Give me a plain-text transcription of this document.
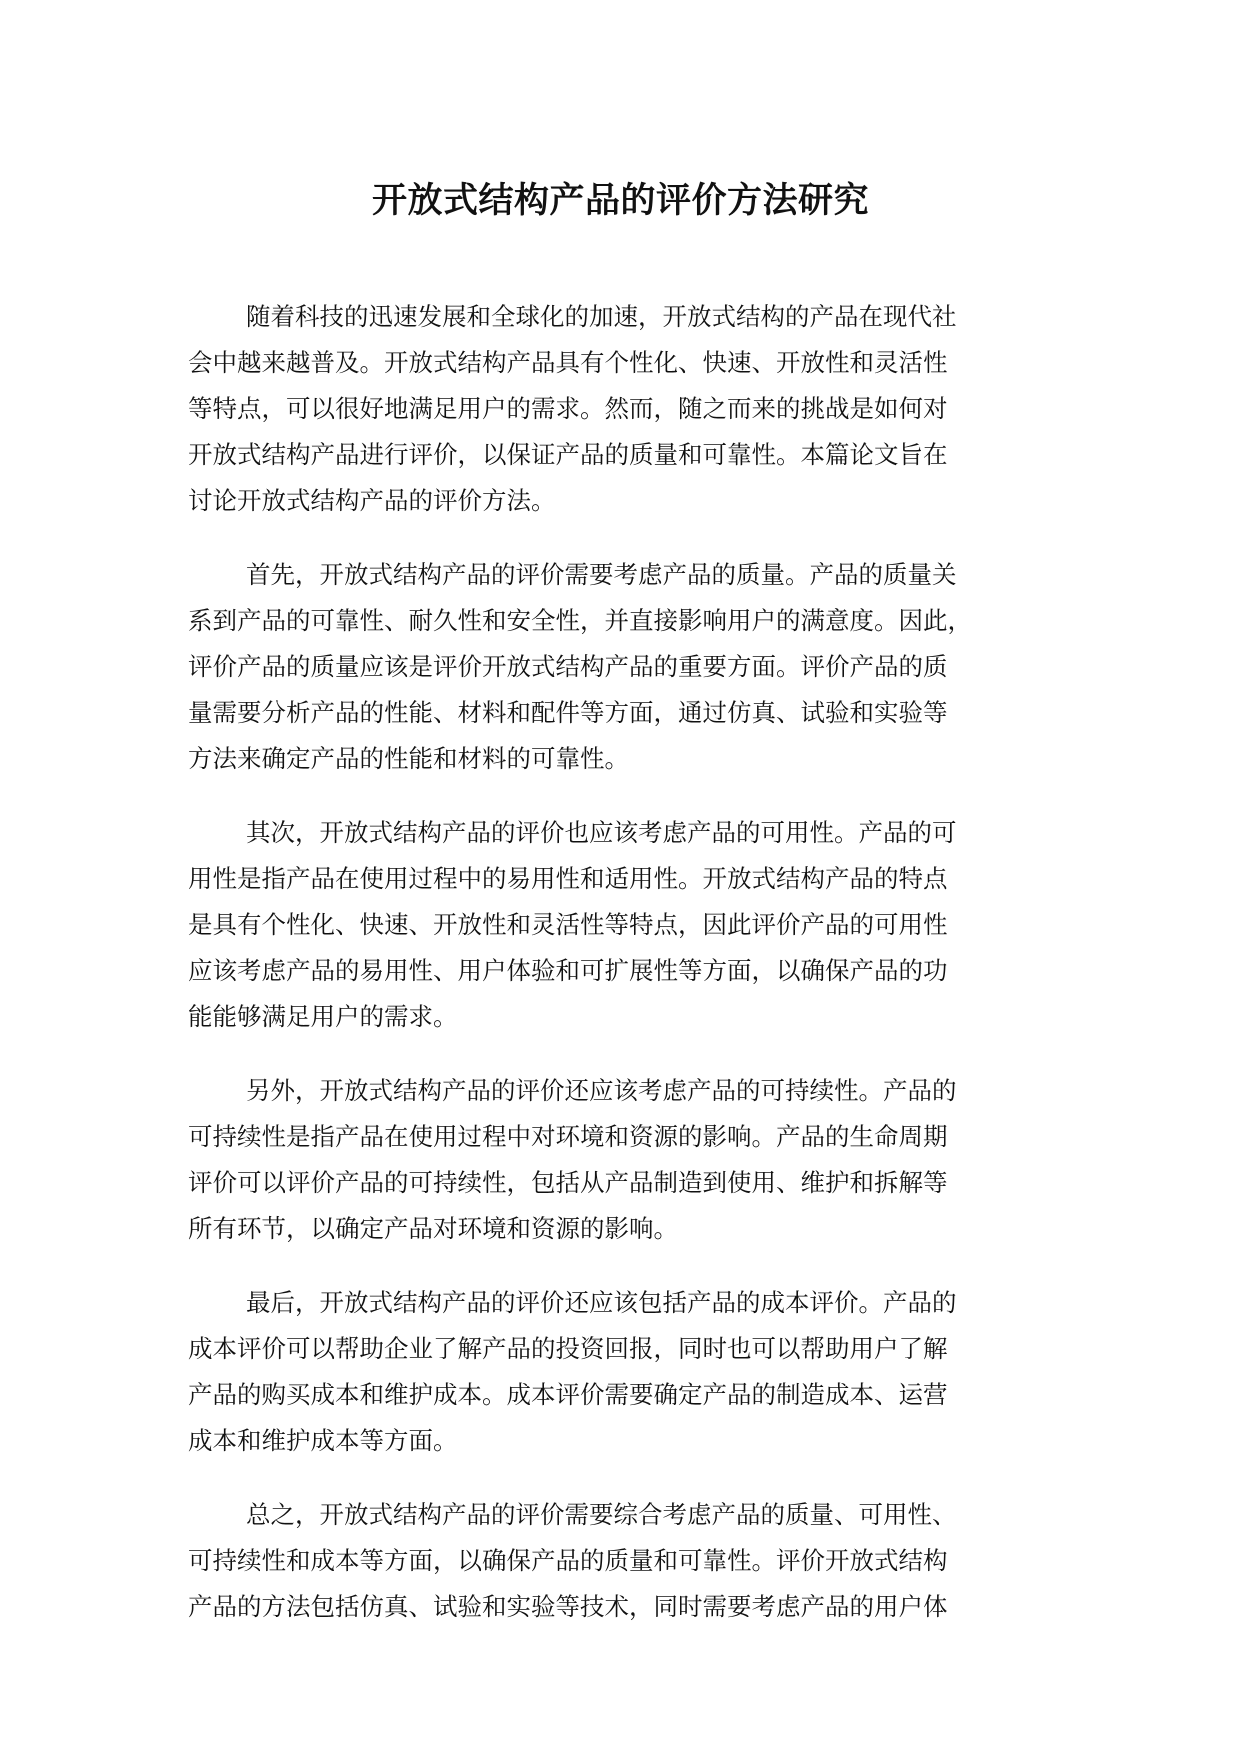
开放式结构产品的评价方法研究

随着科技的迅速发展和全球化的加速，开放式结构的产品在现代社
会中越来越普及。开放式结构产品具有个性化、快速、开放性和灵活性
等特点，可以很好地满足用户的需求。然而，随之而来的挑战是如何对
开放式结构产品进行评价，以保证产品的质量和可靠性。本篇论文旨在
讨论开放式结构产品的评价方法。

首先，开放式结构产品的评价需要考虑产品的质量。产品的质量关
系到产品的可靠性、耐久性和安全性，并直接影响用户的满意度。因此，
评价产品的质量应该是评价开放式结构产品的重要方面。评价产品的质
量需要分析产品的性能、材料和配件等方面，通过仿真、试验和实验等
方法来确定产品的性能和材料的可靠性。

其次，开放式结构产品的评价也应该考虑产品的可用性。产品的可
用性是指产品在使用过程中的易用性和适用性。开放式结构产品的特点
是具有个性化、快速、开放性和灵活性等特点，因此评价产品的可用性
应该考虑产品的易用性、用户体验和可扩展性等方面，以确保产品的功
能能够满足用户的需求。

另外，开放式结构产品的评价还应该考虑产品的可持续性。产品的
可持续性是指产品在使用过程中对环境和资源的影响。产品的生命周期
评价可以评价产品的可持续性，包括从产品制造到使用、维护和拆解等
所有环节，以确定产品对环境和资源的影响。

最后，开放式结构产品的评价还应该包括产品的成本评价。产品的
成本评价可以帮助企业了解产品的投资回报，同时也可以帮助用户了解
产品的购买成本和维护成本。成本评价需要确定产品的制造成本、运营
成本和维护成本等方面。

总之，开放式结构产品的评价需要综合考虑产品的质量、可用性、
可持续性和成本等方面，以确保产品的质量和可靠性。评价开放式结构
产品的方法包括仿真、试验和实验等技术，同时需要考虑产品的用户体
